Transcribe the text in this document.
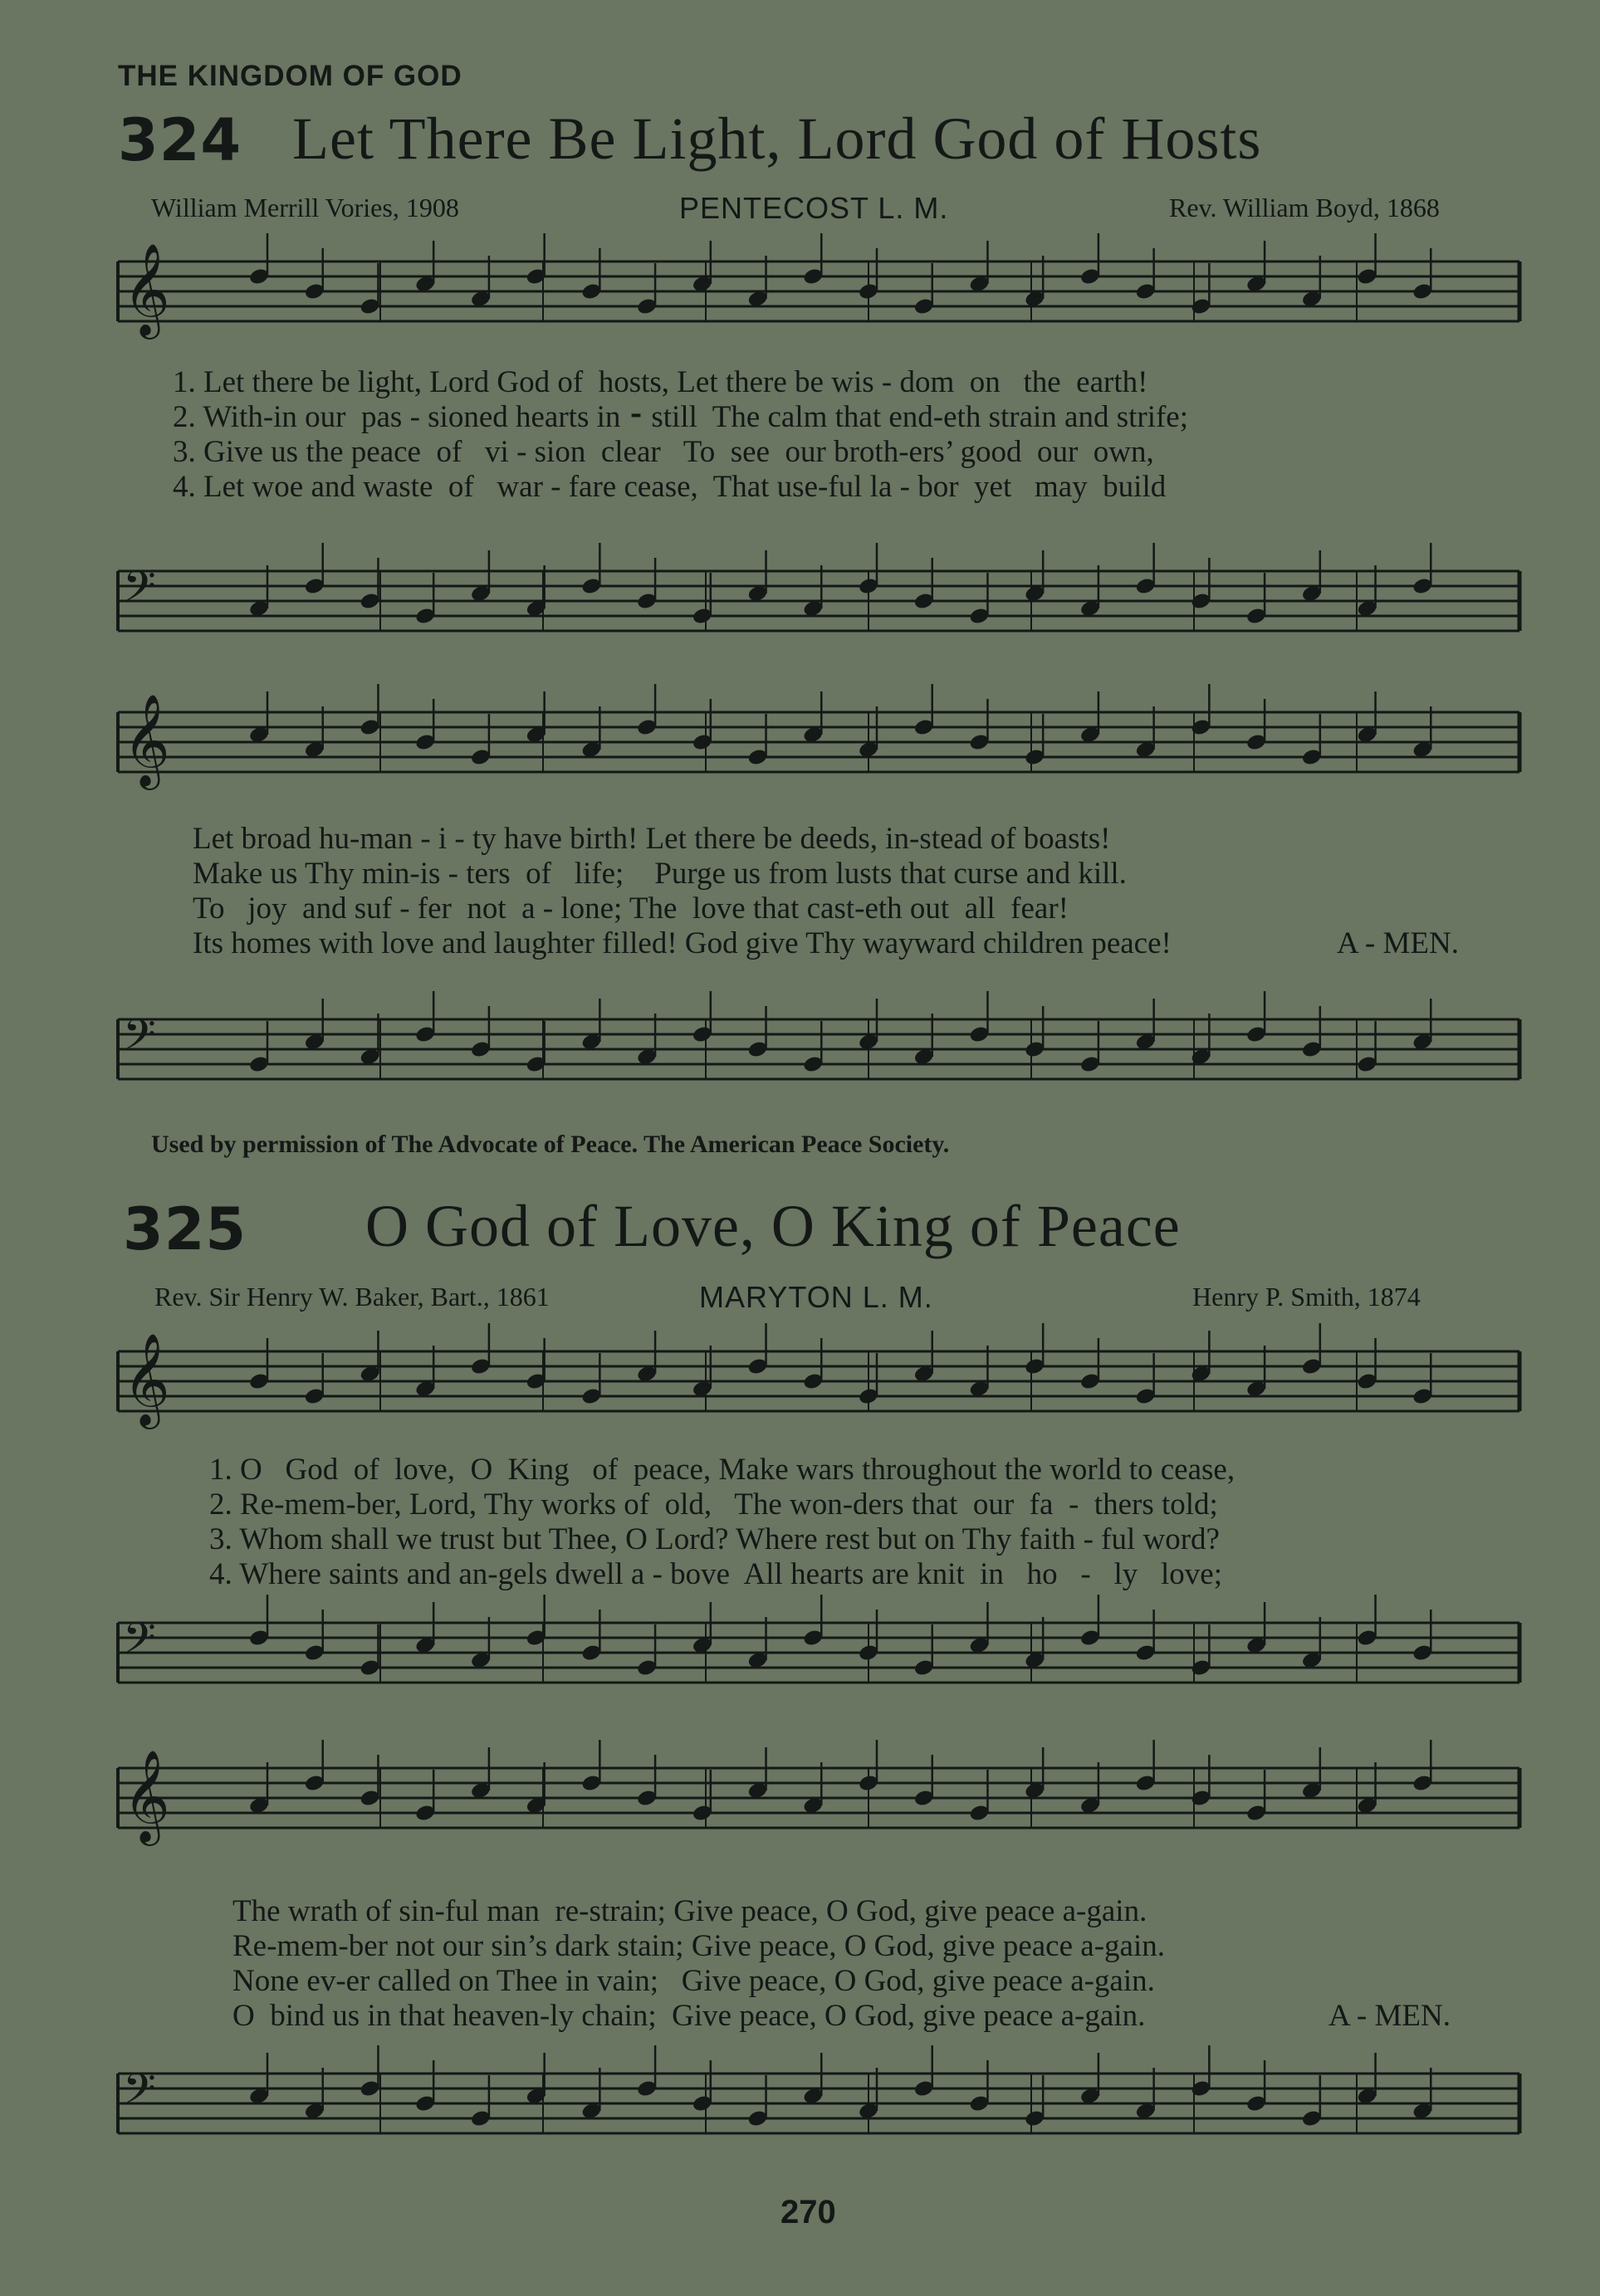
𝄞
𝄢
𝄞
𝄢
𝄞
𝄢
𝄞
𝄢
THE KINGDOM OF GOD
324 Let There Be Light, Lord God of Hosts
William Merrill Vories, 1908	PENTECOST L. M.	Rev. William Boyd, 1868
1. Let there be light, Lord God of  hosts, Let there be wis - dom  on   the  earth!
2. With-in our  pas - sioned hearts in ⁃ still  The calm that end-eth strain and strife;
3. Give us the peace  of   vi - sion  clear   To  see  our broth-ers’ good  our  own,
4. Let woe and waste  of   war - fare cease,  That use-ful la - bor  yet   may  build
Let broad hu-man - i - ty have birth! Let there be deeds, in-stead of boasts!
Make us Thy min-is - ters  of   life;    Purge us from lusts that curse and kill.
To   joy  and suf - fer  not  a - lone; The  love that cast-eth out  all  fear!
Its homes with love and laughter filled! God give Thy wayward children peace!	A - MEN.
Used by permission of The Advocate of Peace. The American Peace Society.
325 O God of Love, O King of Peace
Rev. Sir Henry W. Baker, Bart., 1861	MARYTON L. M.	Henry P. Smith, 1874
1. O   God  of  love,  O  King   of  peace, Make wars throughout the world to cease,
2. Re-mem-ber, Lord, Thy works of  old,   The won-ders that  our  fa  -  thers told;
3. Whom shall we trust but Thee, O Lord? Where rest but on Thy faith - ful word?
4. Where saints and an-gels dwell a - bove  All hearts are knit  in   ho   -   ly   love;
The wrath of sin-ful man  re-strain; Give peace, O God, give peace a-gain.
Re-mem-ber not our sin’s dark stain; Give peace, O God, give peace a-gain.
None ev-er called on Thee in vain;   Give peace, O God, give peace a-gain.
O  bind us in that heaven-ly chain;  Give peace, O God, give peace a-gain.	A - MEN.
270
